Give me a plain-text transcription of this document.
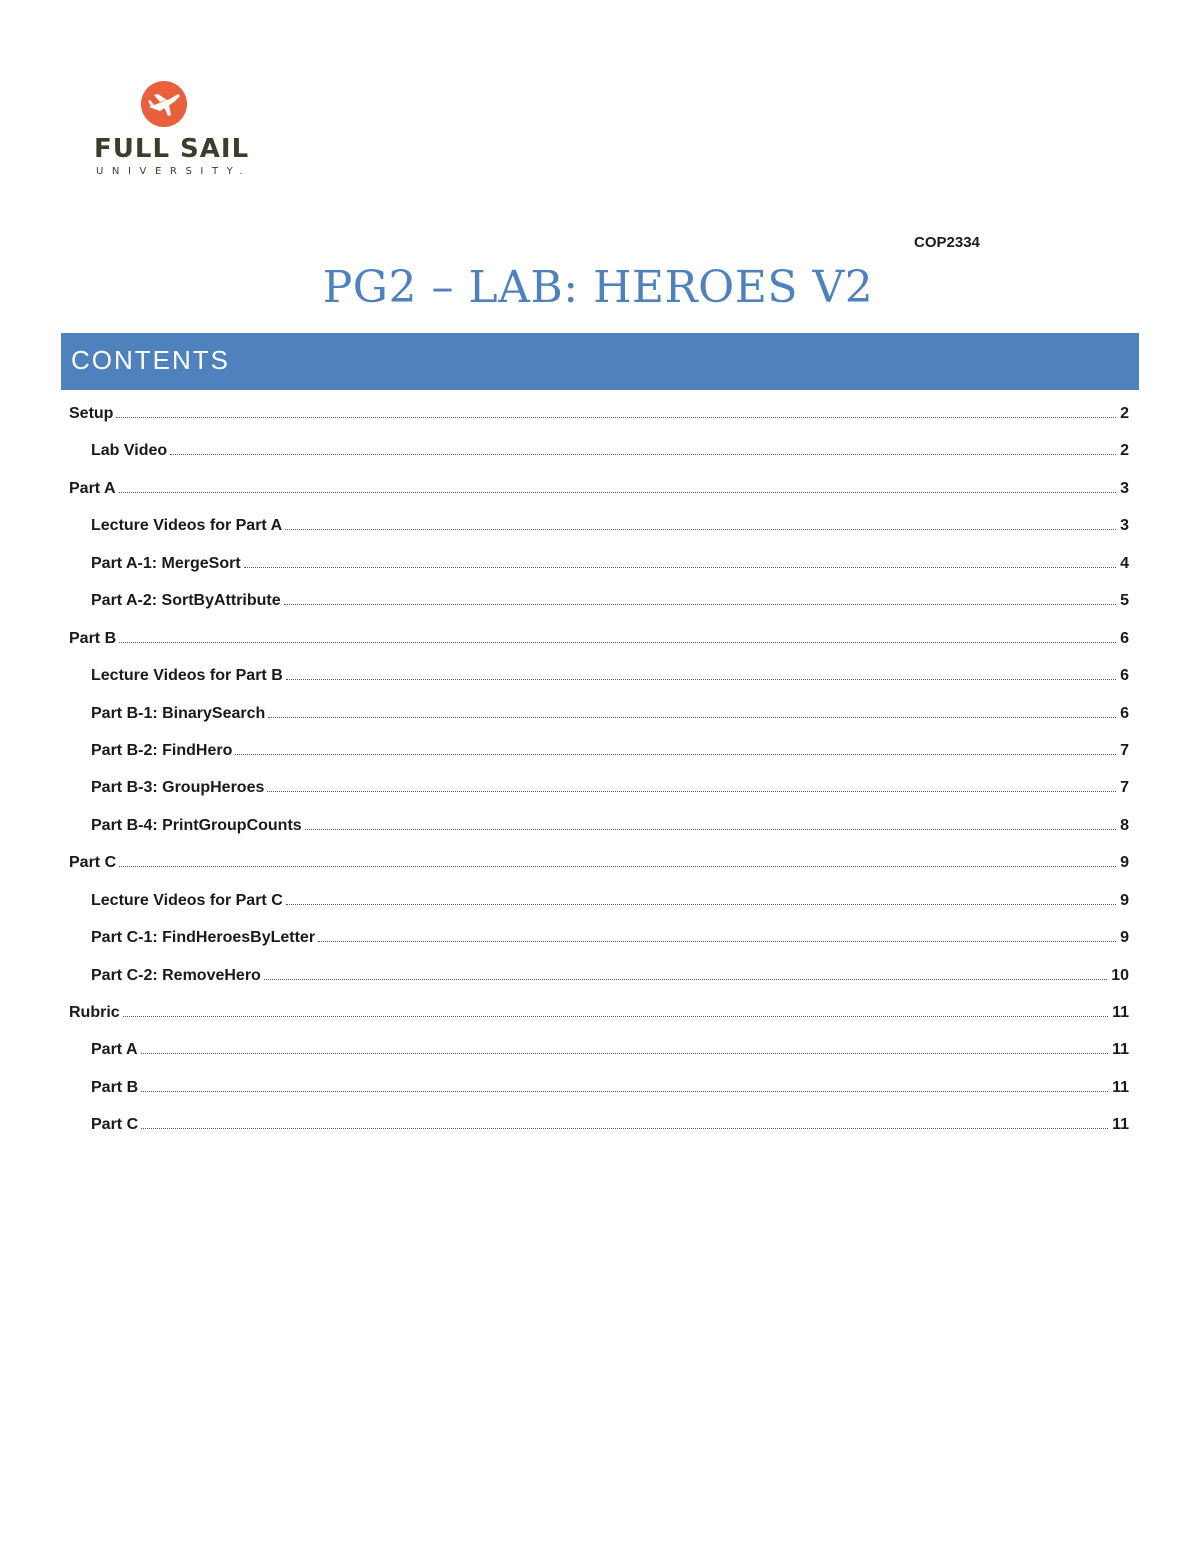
FULL SAIL
UNIVERSITY.
COP2334
PG2 – LAB: HEROES V2
CONTENTS
Setup	2
Lab Video	2
Part A	3
Lecture Videos for Part A	3
Part A-1: MergeSort	4
Part A-2: SortByAttribute	5
Part B	6
Lecture Videos for Part B	6
Part B-1: BinarySearch	6
Part B-2: FindHero	7
Part B-3: GroupHeroes	7
Part B-4: PrintGroupCounts	8
Part C	9
Lecture Videos for Part C	9
Part C-1: FindHeroesByLetter	9
Part C-2: RemoveHero	10
Rubric	11
Part A	11
Part B	11
Part C	11
